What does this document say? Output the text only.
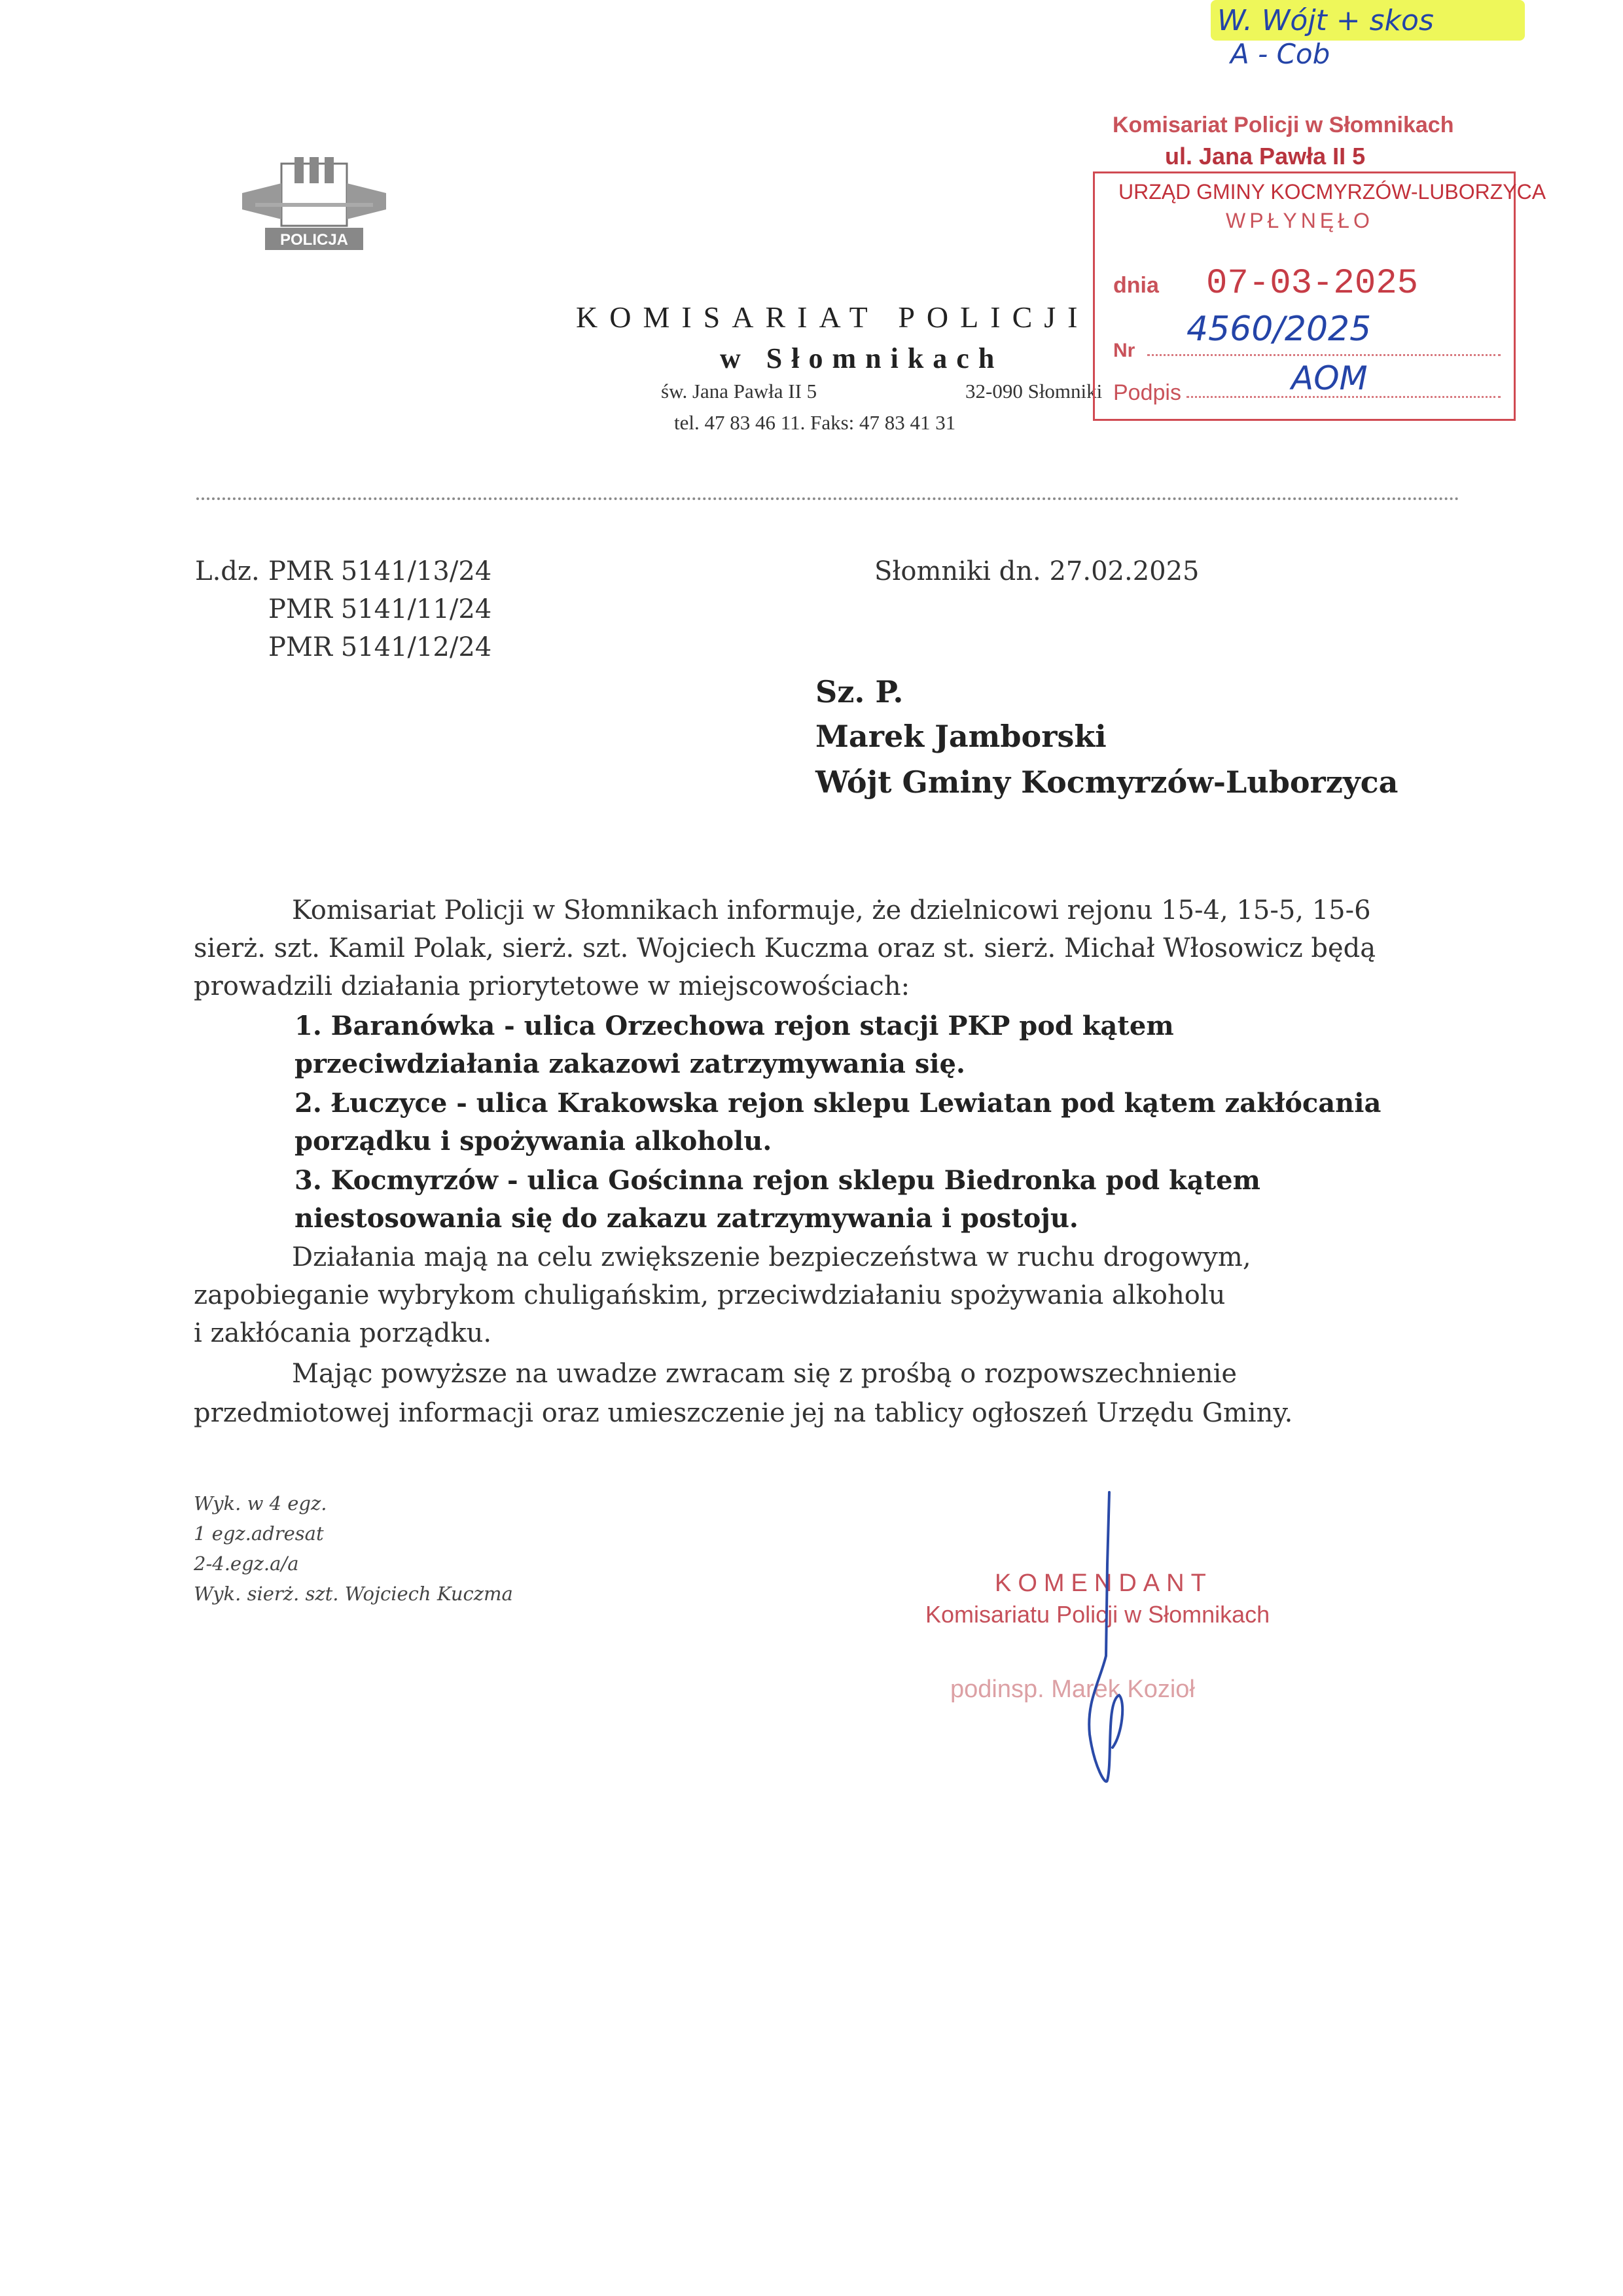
W. Wójt + skos
A - Cob
POLICJA
KOMISARIAT POLICJI
w Słomnikach
św. Jana Pawła II 5	32-090 Słomniki
tel. 47 83 46 11. Faks: 47 83 41 31
Komisariat Policji w Słomnikach
ul. Jana Pawła II 5
URZĄD GMINY KOCMYRZÓW-LUBORZYCA
WPŁYNĘŁO
dnia 07-03-2025
Nr
4560/2025
Podpis	AOM
L.dz. PMR 5141/13/24
PMR 5141/11/24
PMR 5141/12/24
Słomniki dn. 27.02.2025
Sz. P.
Marek Jamborski
Wójt Gminy Kocmyrzów-Luborzyca
Komisariat Policji w Słomnikach informuje, że dzielnicowi rejonu 15-4, 15-5, 15-6
sierż. szt. Kamil Polak, sierż. szt. Wojciech Kuczma oraz st. sierż. Michał Włosowicz będą
prowadzili działania priorytetowe w miejscowościach:
1. Baranówka - ulica Orzechowa rejon stacji PKP pod kątem
przeciwdziałania zakazowi zatrzymywania się.
2. Łuczyce - ulica Krakowska rejon sklepu Lewiatan pod kątem zakłócania
porządku i spożywania alkoholu.
3. Kocmyrzów - ulica Gościnna rejon sklepu Biedronka pod kątem
niestosowania się do zakazu zatrzymywania i postoju.
Działania mają na celu zwiększenie bezpieczeństwa w ruchu drogowym,
zapobieganie wybrykom chuligańskim, przeciwdziałaniu spożywania alkoholu
i zakłócania porządku.
Mając powyższe na uwadze zwracam się z prośbą o rozpowszechnienie
przedmiotowej informacji oraz umieszczenie jej na tablicy ogłoszeń Urzędu Gminy.
Wyk. w 4 egz.
1 egz.adresat
2-4.egz.a/a
Wyk. sierż. szt. Wojciech Kuczma	KOMENDANT
Komisariatu Policji w Słomnikach
podinsp. Marek Kozioł
